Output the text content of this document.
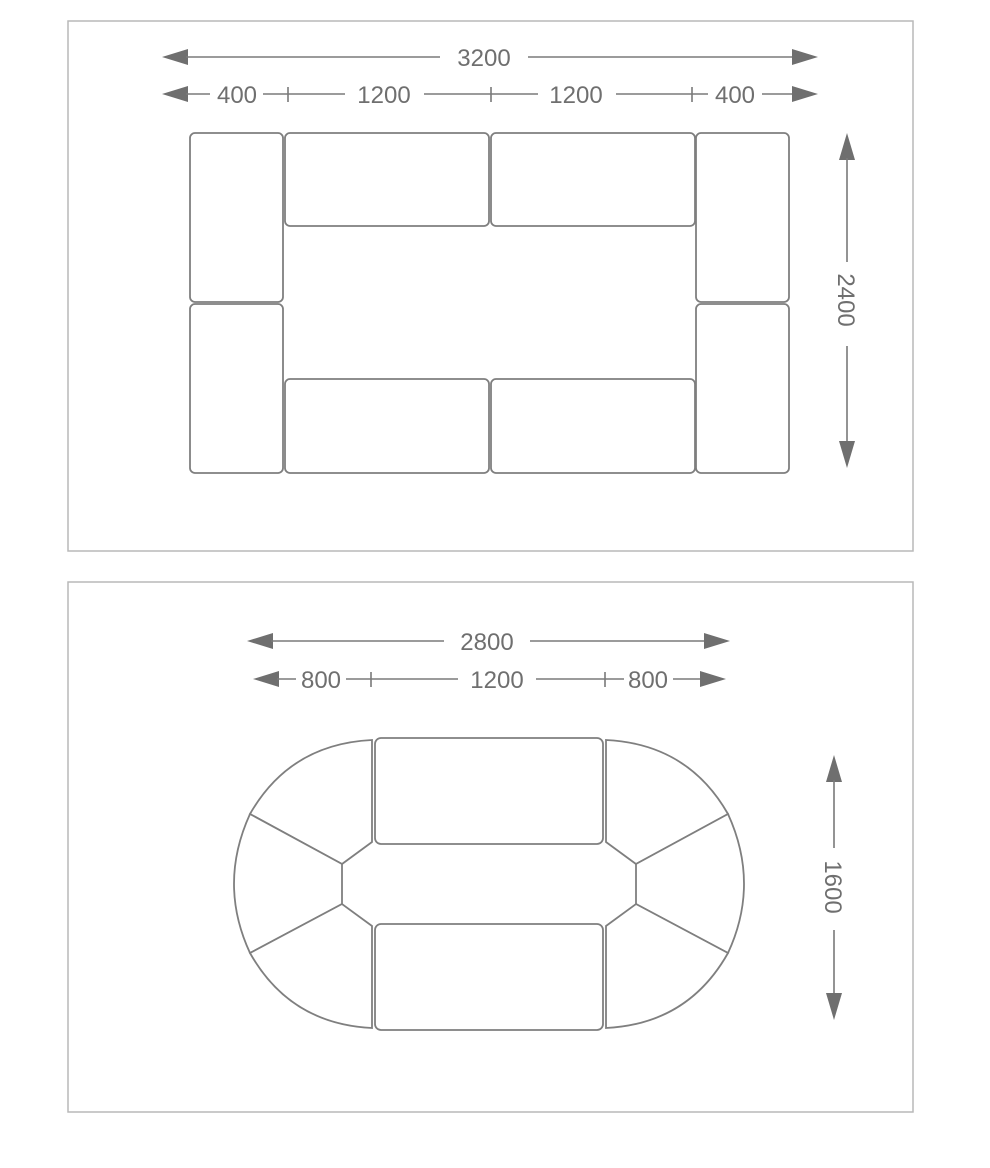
3200
400	1200	1200	400
2400
2800
800	1200	800
1600
